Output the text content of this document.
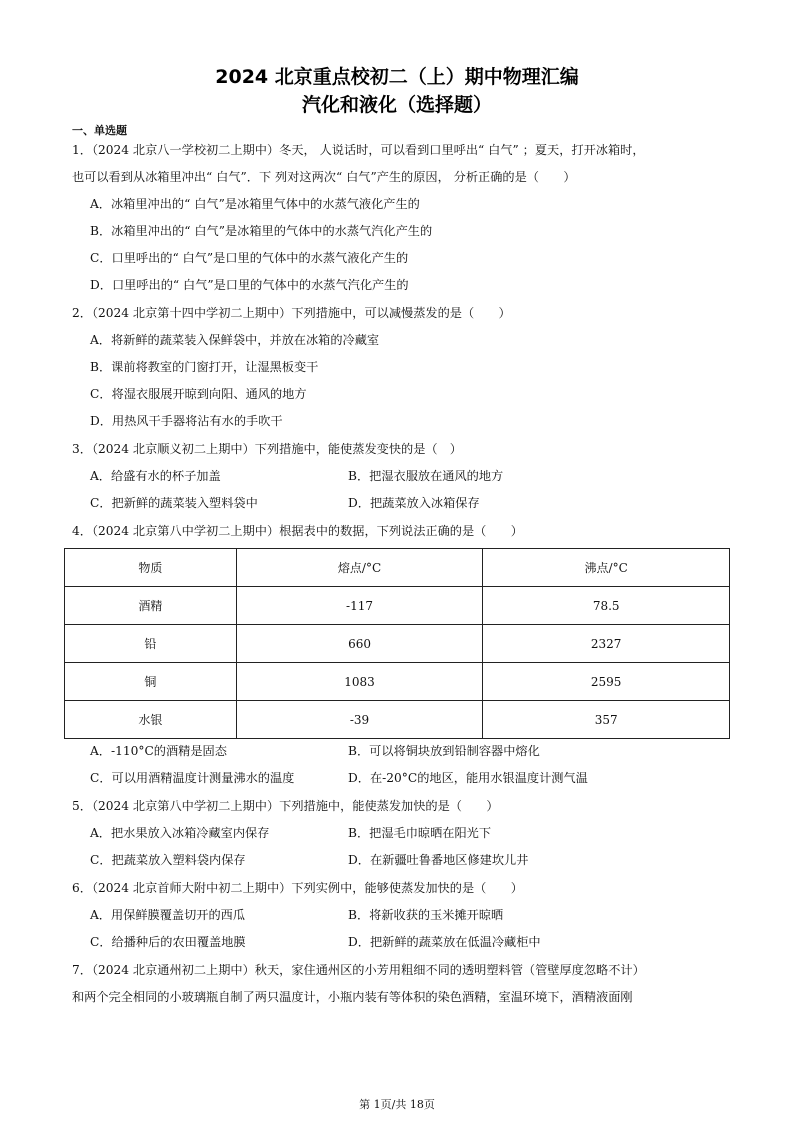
2024 北京重点校初二（上）期中物理汇编
汽化和液化（选择题）
一、单选题
1．（2024 北京八一学校初二上期中）冬天， 人说话时，可以看到口里呼出“ 白气” ；夏天，打开冰箱时，
也可以看到从冰箱里冲出“ 白气”．下 列对这两次“ 白气”产生的原因， 分析正确的是（　　）
A．冰箱里冲出的“ 白气”是冰箱里气体中的水蒸气液化产生的
B．冰箱里冲出的“ 白气”是冰箱里的气体中的水蒸气汽化产生的
C．口里呼出的“ 白气”是口里的气体中的水蒸气液化产生的
D．口里呼出的“ 白气”是口里的气体中的水蒸气汽化产生的
2．（2024 北京第十四中学初二上期中）下列措施中，可以减慢蒸发的是（　　）
A．将新鲜的蔬菜装入保鲜袋中，并放在冰箱的冷藏室
B．课前将教室的门窗打开，让湿黑板变干
C．将湿衣服展开晾到向阳、通风的地方
D．用热风干手器将沾有水的手吹干
3．（2024 北京顺义初二上期中）下列措施中，能使蒸发变快的是（　）
A．给盛有水的杯子加盖	B．把湿衣服放在通风的地方
C．把新鲜的蔬菜装入塑料袋中	D．把蔬菜放入冰箱保存
4．（2024 北京第八中学初二上期中）根据表中的数据，下列说法正确的是（　　）
物质	熔点/°C	沸点/°C
酒精	-117	78.5
铅	660	2327
铜	1083	2595
水银	-39	357
A．-110°C的酒精是固态	B．可以将铜块放到铅制容器中熔化
C．可以用酒精温度计测量沸水的温度	D．在-20°C的地区，能用水银温度计测气温
5．（2024 北京第八中学初二上期中）下列措施中，能使蒸发加快的是（　　）
A．把水果放入冰箱冷藏室内保存	B．把湿毛巾晾晒在阳光下
C．把蔬菜放入塑料袋内保存	D．在新疆吐鲁番地区修建坎儿井
6．（2024 北京首师大附中初二上期中）下列实例中，能够使蒸发加快的是（　　）
A．用保鲜膜覆盖切开的西瓜	B．将新收获的玉米摊开晾晒
C．给播种后的农田覆盖地膜	D．把新鲜的蔬菜放在低温冷藏柜中
7．（2024 北京通州初二上期中）秋天，家住通州区的小芳用粗细不同的透明塑料管（管壁厚度忽略不计）
和两个完全相同的小玻璃瓶自制了两只温度计，小瓶内装有等体积的染色酒精，室温环境下，酒精液面刚
第 1页/共 18页
